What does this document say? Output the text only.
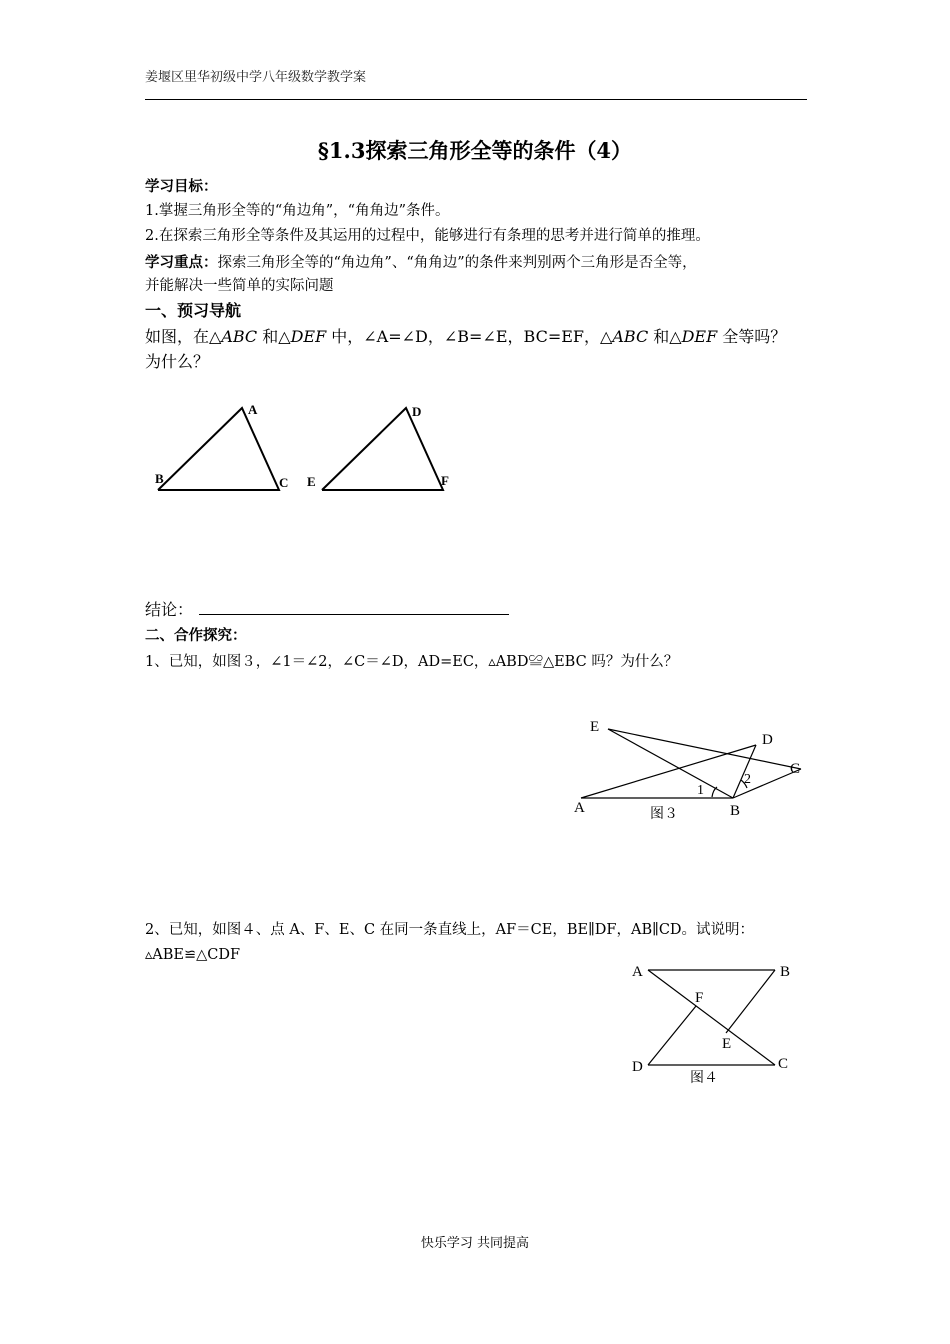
姜堰区里华初级中学八年级数学教学案
§1.3探索三角形全等的条件（4）
学习目标：
1.掌握三角形全等的“角边角”，“角角边”条件。
2.在探索三角形全等条件及其运用的过程中，能够进行有条理的思考并进行简单的推理。
学习重点：探索三角形全等的“角边角”、“角角边”的条件来判别两个三角形是否全等，
并能解决一些简单的实际问题
一、预习导航
如图，在△ABC 和△DEF 中，∠A=∠D，∠B=∠E，BC=EF，△ABC 和△DEF 全等吗？
为什么？
A
B	C
D
E	F
结论：
二、合作探究：
1、已知，如图３，∠1＝∠2，∠C＝∠D，AD=EC，▵ABD≌△EBC 吗？为什么？
E
D
C
A	B
1
2
图３
2、已知，如图４、点 A、F、E、C 在同一条直线上，AF＝CE，BE∥DF，AB∥CD。试说明：
▵ABE≌△CDF
A	B
F
E
D	C
图４
快乐学习 共同提高
